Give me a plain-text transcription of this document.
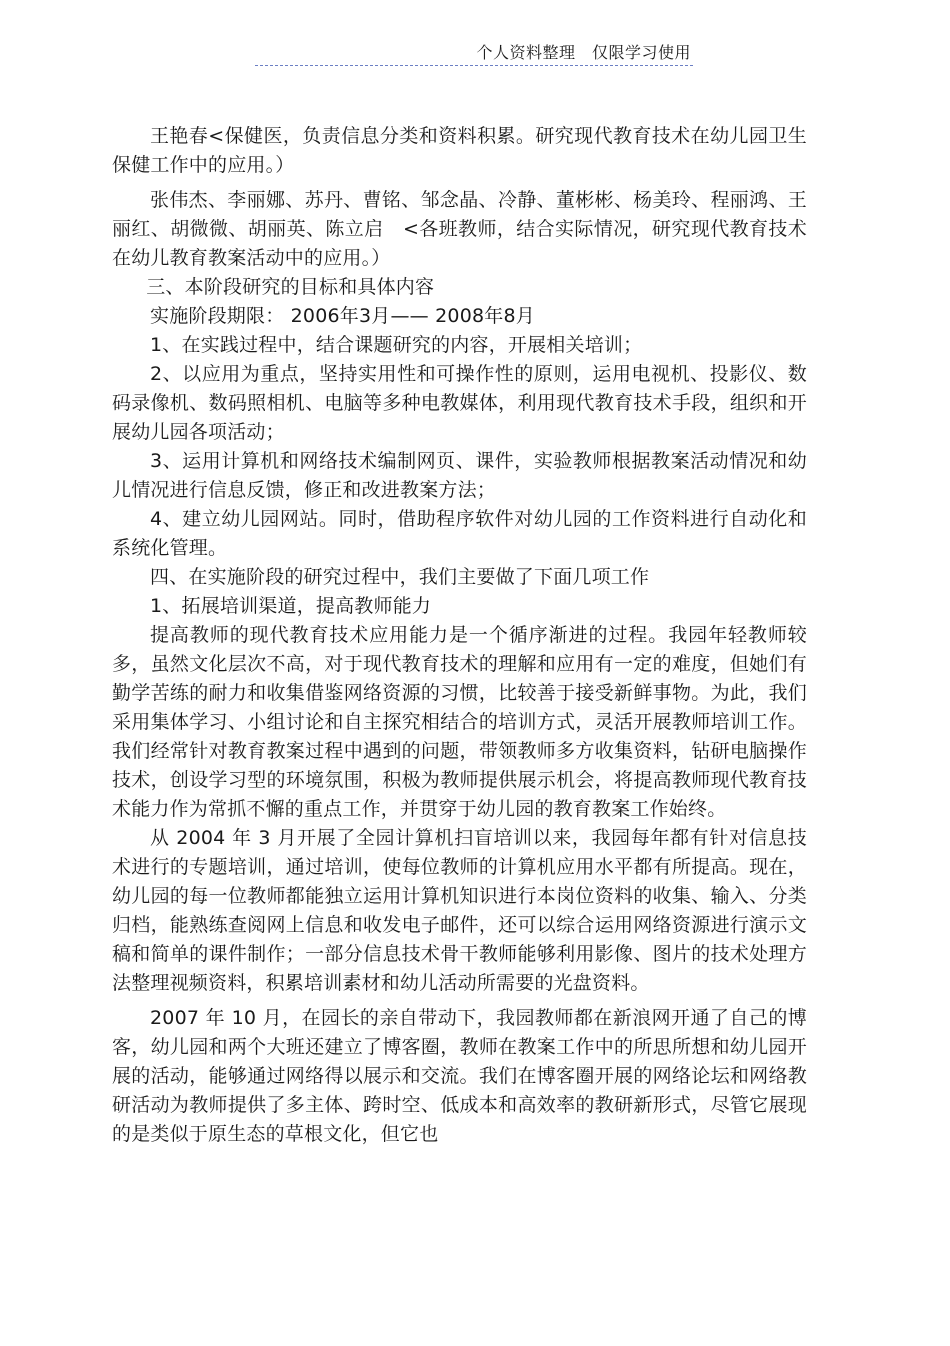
个人资料整理　仅限学习使用

王艳春<保健医，负责信息分类和资料积累。研究现代教育技术在幼儿园卫生保健工作中的应用。）

张伟杰、李丽娜、苏丹、曹铭、邹念晶、冷静、董彬彬、杨美玲、程丽鸿、王丽红、胡微微、胡丽英、陈立启　<各班教师，结合实际情况，研究现代教育技术在幼儿教育教案活动中的应用。）

三、本阶段研究的目标和具体内容

实施阶段期限： 2006年3月—— 2008年8月

1、在实践过程中，结合课题研究的内容，开展相关培训；

2、以应用为重点，坚持实用性和可操作性的原则，运用电视机、投影仪、数码录像机、数码照相机、电脑等多种电教媒体，利用现代教育技术手段，组织和开展幼儿园各项活动；

3、运用计算机和网络技术编制网页、课件，实验教师根据教案活动情况和幼儿情况进行信息反馈，修正和改进教案方法；

4、建立幼儿园网站。同时，借助程序软件对幼儿园的工作资料进行自动化和系统化管理。

四、在实施阶段的研究过程中，我们主要做了下面几项工作

1、拓展培训渠道，提高教师能力

提高教师的现代教育技术应用能力是一个循序渐进的过程。我园年轻教师较多，虽然文化层次不高，对于现代教育技术的理解和应用有一定的难度，但她们有勤学苦练的耐力和收集借鉴网络资源的习惯，比较善于接受新鲜事物。为此，我们采用集体学习、小组讨论和自主探究相结合的培训方式，灵活开展教师培训工作。我们经常针对教育教案过程中遇到的问题，带领教师多方收集资料，钻研电脑操作技术，创设学习型的环境氛围，积极为教师提供展示机会，将提高教师现代教育技术能力作为常抓不懈的重点工作，并贯穿于幼儿园的教育教案工作始终。

从 2004 年 3 月开展了全园计算机扫盲培训以来，我园每年都有针对信息技术进行的专题培训，通过培训，使每位教师的计算机应用水平都有所提高。现在，幼儿园的每一位教师都能独立运用计算机知识进行本岗位资料的收集、输入、分类归档，能熟练查阅网上信息和收发电子邮件，还可以综合运用网络资源进行演示文稿和简单的课件制作；一部分信息技术骨干教师能够利用影像、图片的技术处理方法整理视频资料，积累培训素材和幼儿活动所需要的光盘资料。

2007 年 10 月，在园长的亲自带动下，我园教师都在新浪网开通了自己的博客，幼儿园和两个大班还建立了博客圈，教师在教案工作中的所思所想和幼儿园开展的活动，能够通过网络得以展示和交流。我们在博客圈开展的网络论坛和网络教研活动为教师提供了多主体、跨时空、低成本和高效率的教研新形式，尽管它展现的是类似于原生态的草根文化，但它也
